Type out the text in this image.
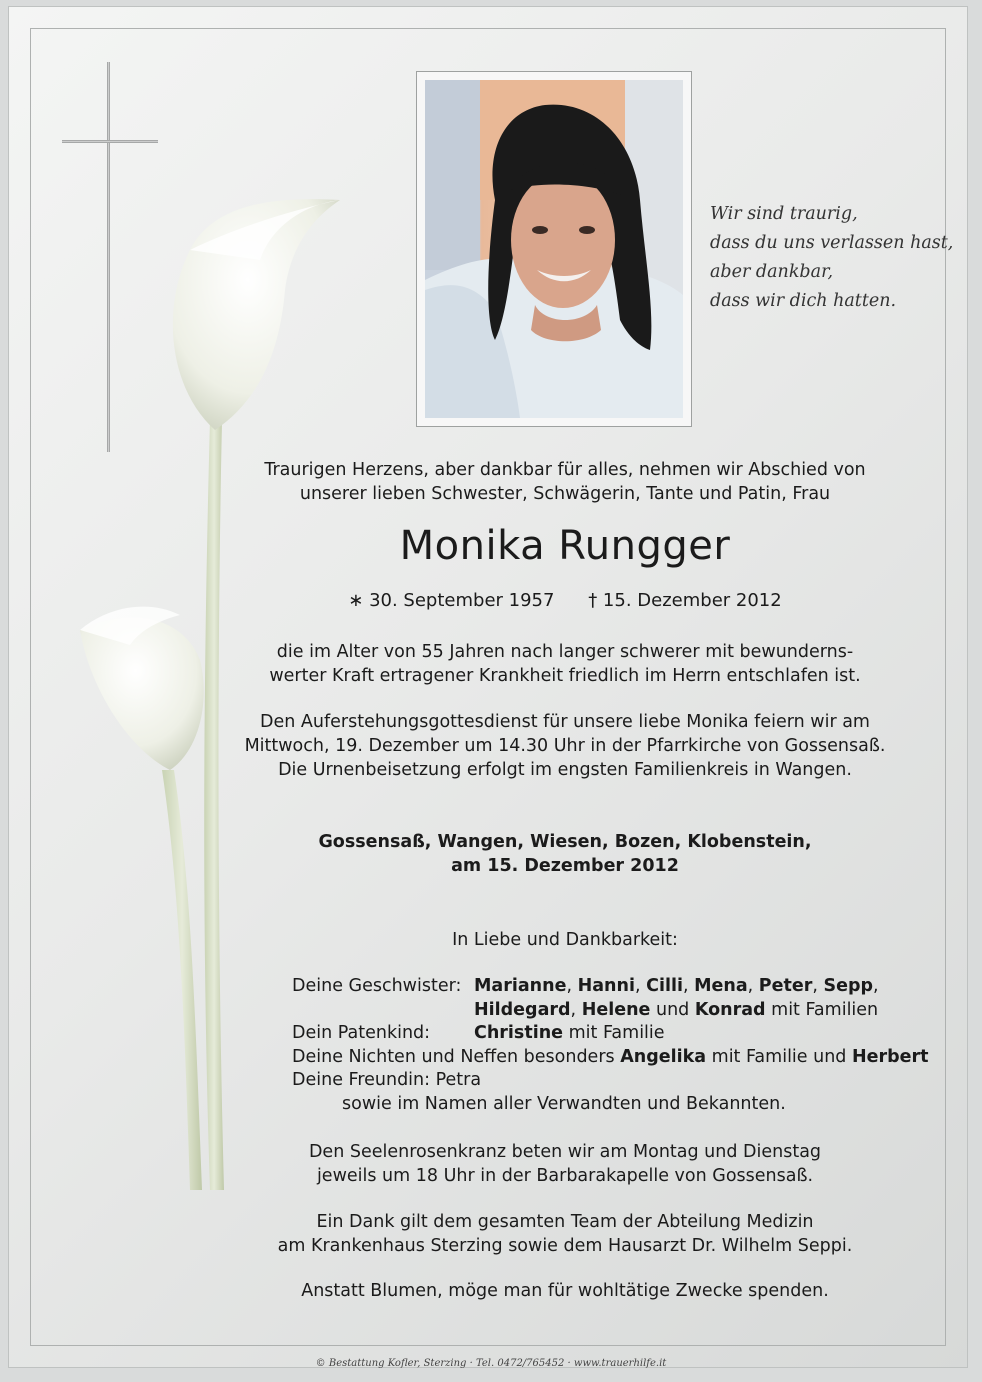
Wir sind traurig,
dass du uns verlassen hast,
aber dankbar,
dass wir dich hatten.
Traurigen Herzens, aber dankbar für alles, nehmen wir Abschied von
unserer lieben Schwester, Schwägerin, Tante und Patin, Frau
Monika Rungger
∗ 30. September 1957 † 15. Dezember 2012
die im Alter von 55 Jahren nach langer schwerer mit bewunderns-
werter Kraft ertragener Krankheit friedlich im Herrn entschlafen ist.
Den Auferstehungsgottesdienst für unsere liebe Monika feiern wir am
Mittwoch, 19. Dezember um 14.30 Uhr in der Pfarrkirche von Gossensaß.
Die Urnenbeisetzung erfolgt im engsten Familienkreis in Wangen.
Gossensaß, Wangen, Wiesen, Bozen, Klobenstein,
am 15. Dezember 2012
In Liebe und Dankbarkeit:
Deine Geschwister: Marianne, Hanni, Cilli, Mena, Peter, Sepp,
Hildegard, Helene und Konrad mit Familien
Dein Patenkind:	Christine mit Familie
Deine Nichten und Neffen besonders Angelika mit Familie und Herbert
Deine Freundin: Petra
sowie im Namen aller Verwandten und Bekannten.
Den Seelenrosenkranz beten wir am Montag und Dienstag
jeweils um 18 Uhr in der Barbarakapelle von Gossensaß.
Ein Dank gilt dem gesamten Team der Abteilung Medizin
am Krankenhaus Sterzing sowie dem Hausarzt Dr. Wilhelm Seppi.
Anstatt Blumen, möge man für wohltätige Zwecke spenden.
© Bestattung Kofler, Sterzing · Tel. 0472/765452 · www.trauerhilfe.it
